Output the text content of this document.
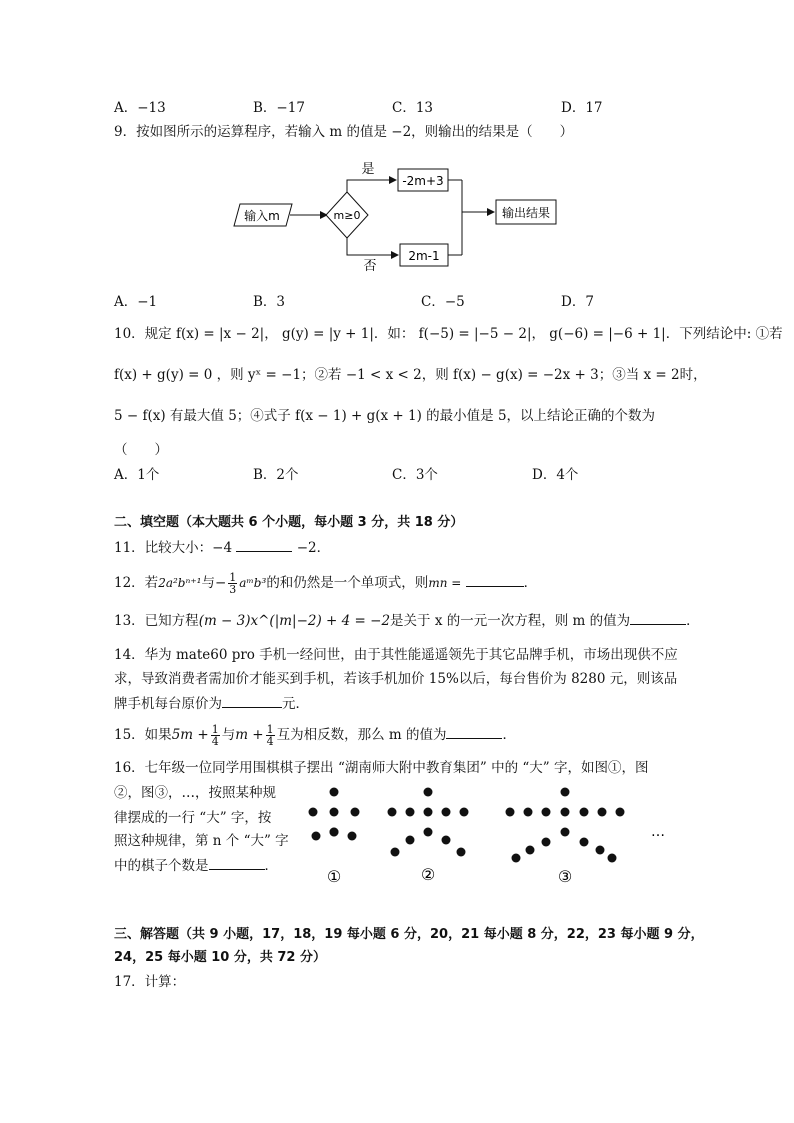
A．−13	B．−17	C．13	D．17
9．按如图所示的运算程序，若输入 m 的值是 −2，则输出的结果是（　　）
输入m	m≥0
是
-2m+3
否
2m-1
输出结果
A．−1	B．3	C．−5	D．7
10．规定 f(x) = |x − 2|， g(y) = |y + 1|．如： f(−5) = |−5 − 2|， g(−6) = |−6 + 1|．下列结论中: ①若
f(x) + g(y) = 0 ，则 yˣ = −1；②若 −1 < x < 2，则 f(x) − g(x) = −2x + 3；③当 x = 2时，
5 − f(x) 有最大值 5；④式子 f(x − 1) + g(x + 1) 的最小值是 5，以上结论正确的个数为
（　　）
A．1个	B．2个	C．3个	D．4个
二、填空题（本大题共 6 个小题，每小题 3 分，共 18 分）
11．比较大小：−4	−2．
12．若2a²bⁿ⁺¹与− $\frac{1}{3}$ aᵐb³的和仍然是一个单项式，则mn =	．
13．已知方程(m − 3)x^(|m|−2) + 4 = −2是关于 x 的一元一次方程，则 m 的值为	．
14．华为 mate60 pro 手机一经问世，由于其性能遥遥领先于其它品牌手机，市场出现供不应
求，导致消费者需加价才能买到手机，若该手机加价 15%以后，每台售价为 8280 元，则该品
牌手机每台原价为	元．
15．如果$5m + \frac{1}{4}$ 与$m + \frac{1}{4}$ 互为相反数，那么 m 的值为	．
16．七年级一位同学用围棋棋子摆出 “湖南师大附中教育集团” 中的 “大” 字，如图①，图
②，图③，…，按照某种规
律摆成的一行 “大” 字，按
照这种规律，第 n 个 “大” 字
中的棋子个数是	．
①	②	③
…
三、解答题（共 9 小题，17，18，19 每小题 6 分，20，21 每小题 8 分，22，23 每小题 9 分，
24，25 每小题 10 分，共 72 分）
17．计算：
